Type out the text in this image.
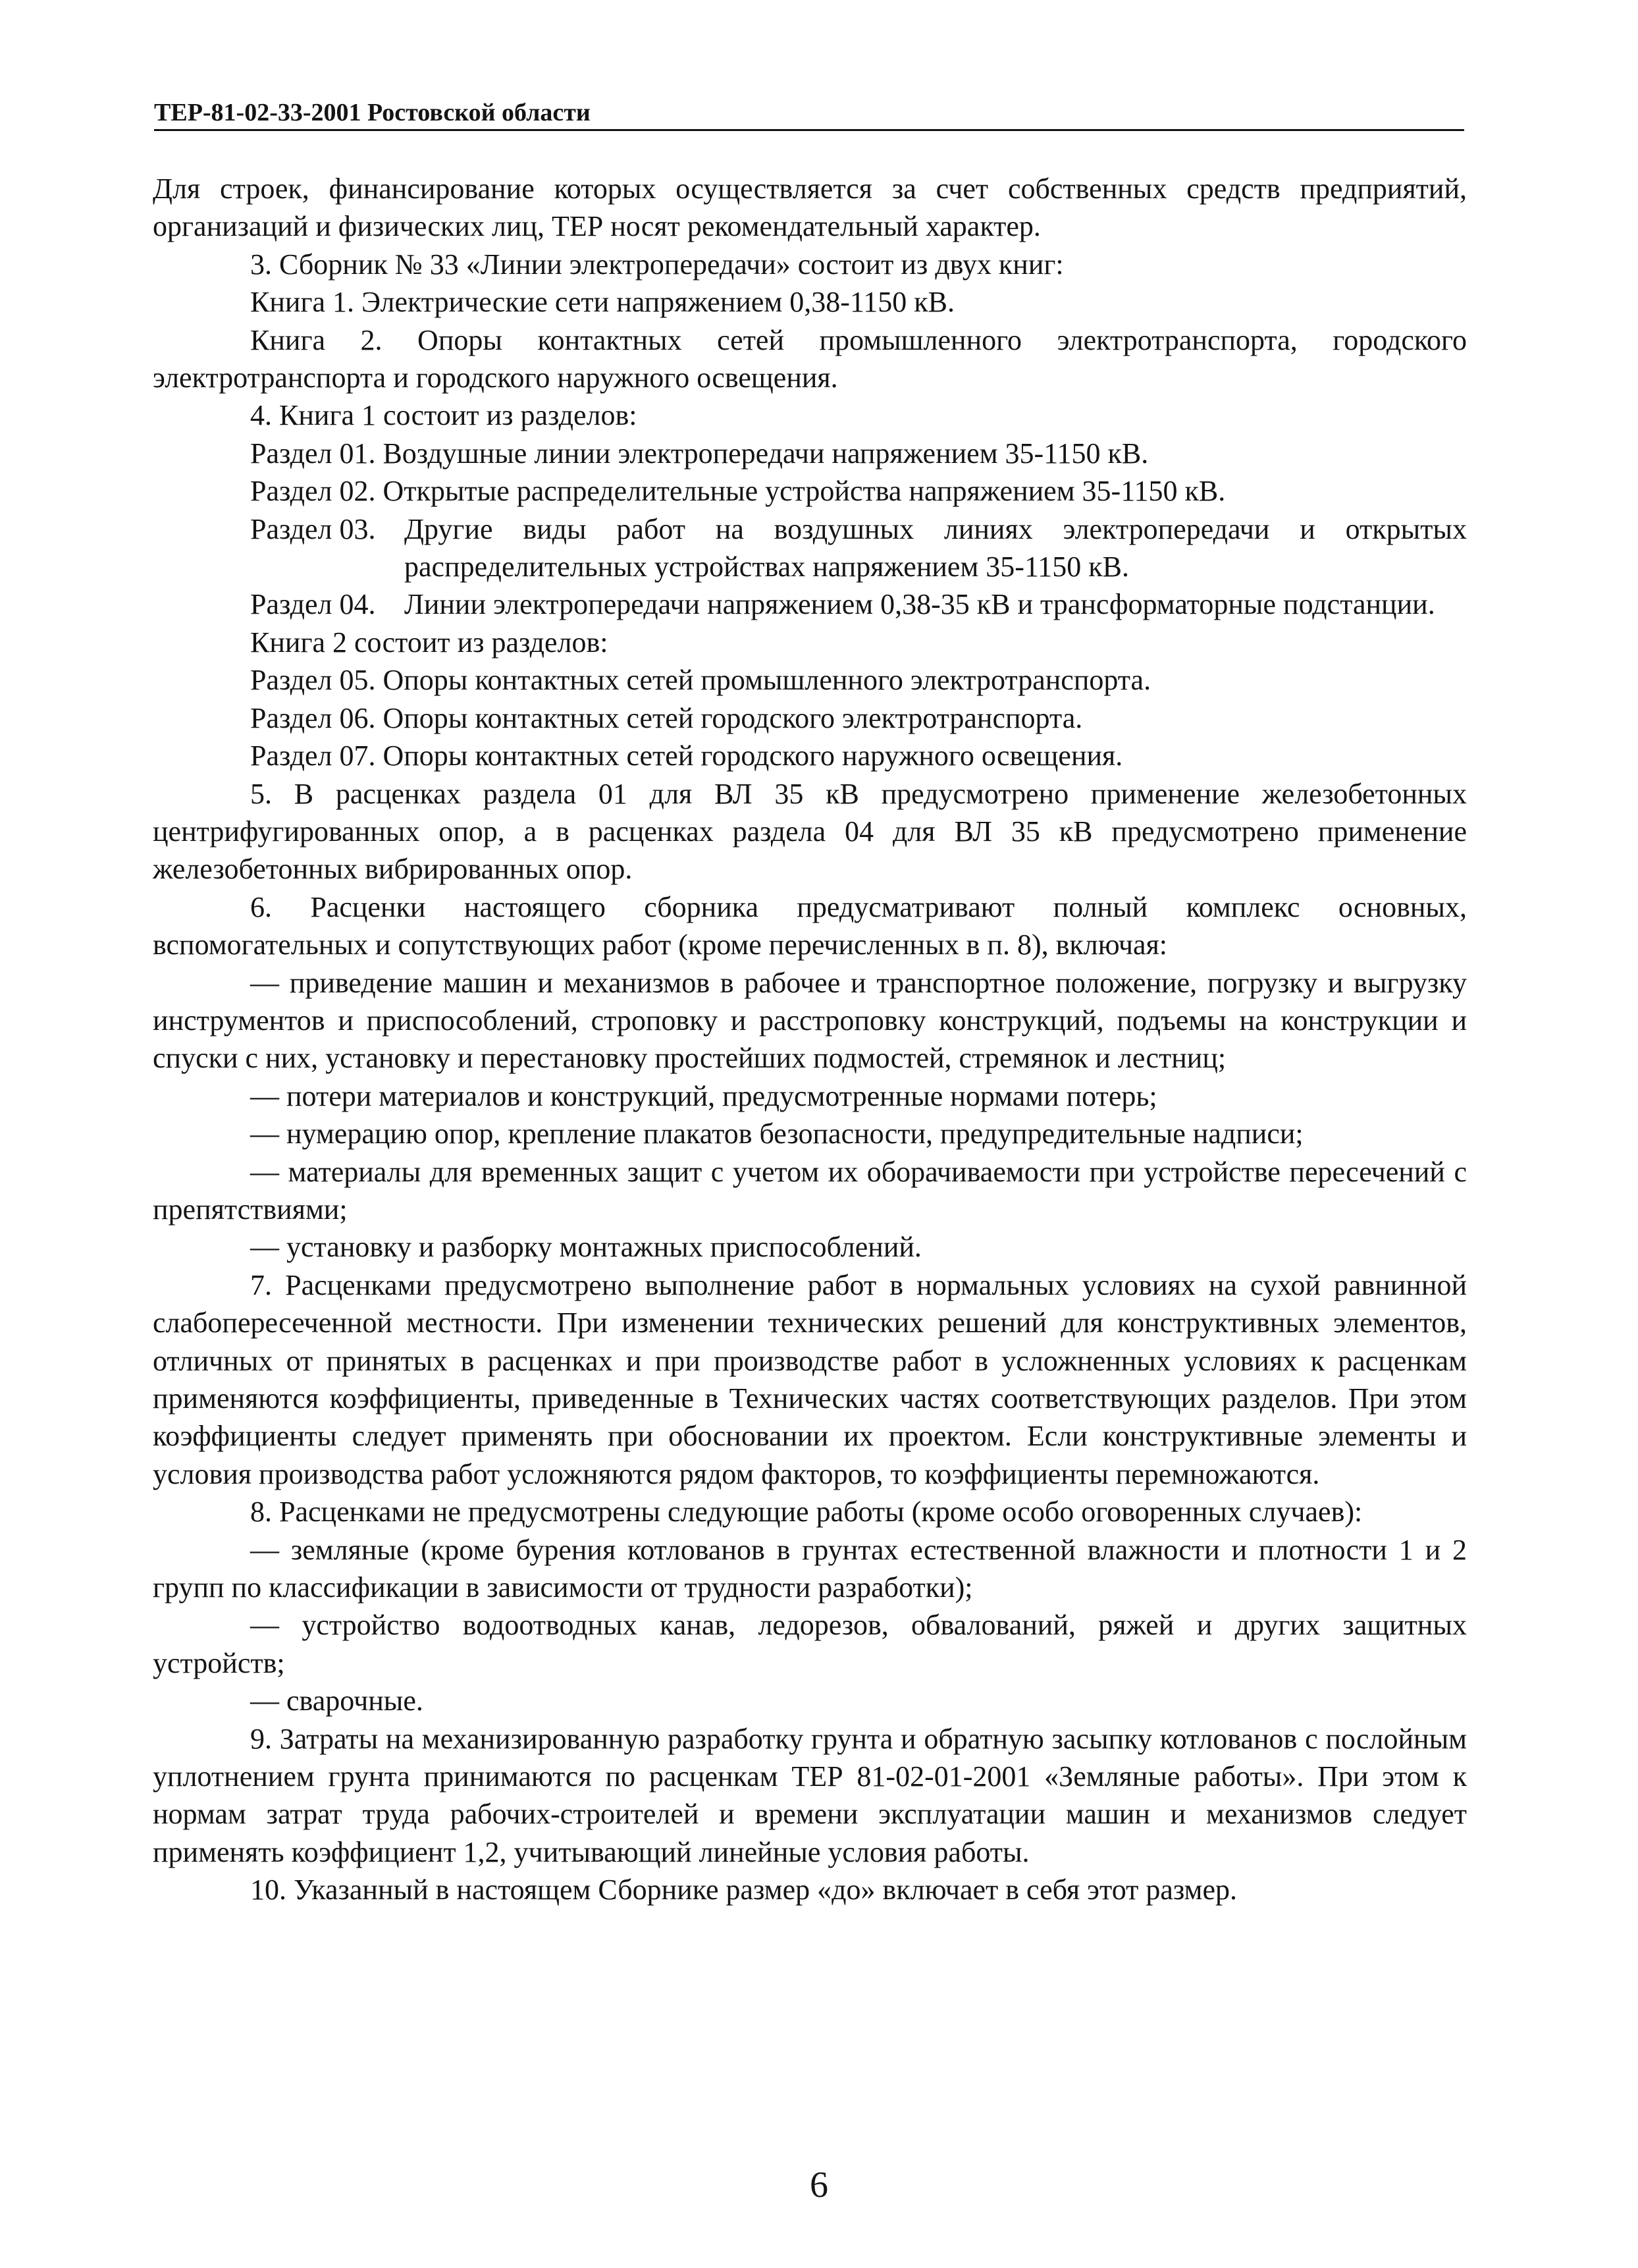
ТЕР-81-02-33-2001 Ростовской области

Для строек, финансирование которых осуществляется за счет собственных средств предприятий, организаций и физических лиц, ТЕР носят рекомендательный характер.

3. Сборник № 33 «Линии электропередачи» состоит из двух книг:

Книга 1. Электрические сети напряжением 0,38-1150 кВ.

Книга 2. Опоры контактных сетей промышленного электротранспорта, городского электротранспорта и городского наружного освещения.

4. Книга 1 состоит из разделов:

Раздел 01. Воздушные линии электропередачи напряжением 35-1150 кВ.

Раздел 02. Открытые распределительные устройства напряжением 35-1150 кВ.

Раздел 03. Другие виды работ на воздушных линиях электропередачи и открытых распределительных устройствах напряжением 35-1150 кВ.

Раздел 04. Линии электропередачи напряжением 0,38-35 кВ и трансформаторные подстанции.

Книга 2 состоит из разделов:

Раздел 05. Опоры контактных сетей промышленного электротранспорта.

Раздел 06. Опоры контактных сетей городского электротранспорта.

Раздел 07. Опоры контактных сетей городского наружного освещения.

5. В расценках раздела 01 для ВЛ 35 кВ предусмотрено применение железобетонных центрифугированных опор, а в расценках раздела 04 для ВЛ 35 кВ предусмотрено применение железобетонных вибрированных опор.

6. Расценки настоящего сборника предусматривают полный комплекс основных, вспомогательных и сопутствующих работ (кроме перечисленных в п. 8), включая:

— приведение машин и механизмов в рабочее и транспортное положение, погрузку и выгрузку инструментов и приспособлений, строповку и расстроповку конструкций, подъемы на конструкции и спуски с них, установку и перестановку простейших подмостей, стремянок и лестниц;

— потери материалов и конструкций, предусмотренные нормами потерь;

— нумерацию опор, крепление плакатов безопасности, предупредительные надписи;

— материалы для временных защит с учетом их оборачиваемости при устройстве пересечений с препятствиями;

— установку и разборку монтажных приспособлений.

7. Расценками предусмотрено выполнение работ в нормальных условиях на сухой равнинной слабопересеченной местности. При изменении технических решений для конструктивных элементов, отличных от принятых в расценках и при производстве работ в усложненных условиях к расценкам применяются коэффициенты, приведенные в Технических частях соответствующих разделов. При этом коэффициенты следует применять при обосновании их проектом. Если конструктивные элементы и условия производства работ усложняются рядом факторов, то коэффициенты перемножаются.

8. Расценками не предусмотрены следующие работы (кроме особо оговоренных случаев):

— земляные (кроме бурения котлованов в грунтах естественной влажности и плотности 1 и 2 групп по классификации в зависимости от трудности разработки);

— устройство водоотводных канав, ледорезов, обвалований, ряжей и других защитных устройств;

— сварочные.

9. Затраты на механизированную разработку грунта и обратную засыпку котлованов с послойным уплотнением грунта принимаются по расценкам ТЕР 81-02-01-2001 «Земляные работы». При этом к нормам затрат труда рабочих-строителей и времени эксплуатации машин и механизмов следует применять коэффициент 1,2, учитывающий линейные условия работы.

10. Указанный в настоящем Сборнике размер «до» включает в себя этот размер.

6
